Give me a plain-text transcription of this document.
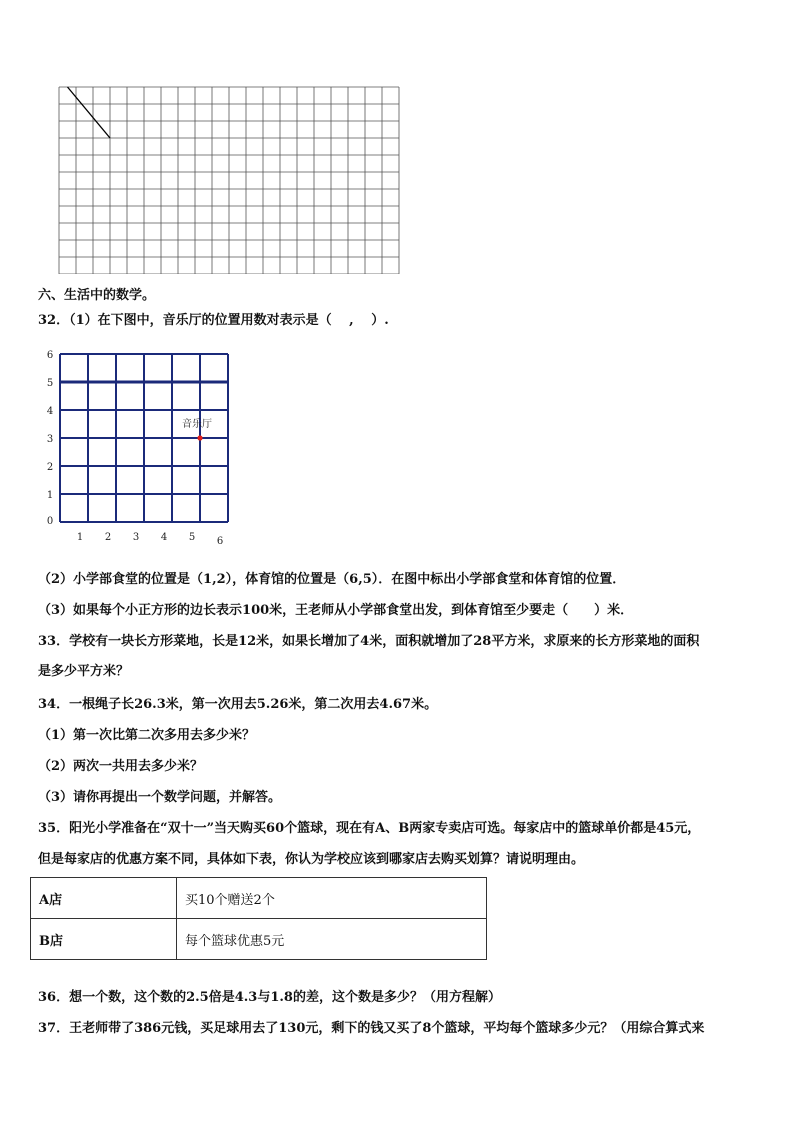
六、生活中的数学。
32．（1）在下图中，音乐厅的位置用数对表示是（ 　,　 ）.
1 2 3 4 5 6
0
1
2
3
4
5
6
音乐厅
（2）小学部食堂的位置是（1,2），体育馆的位置是（6,5）．在图中标出小学部食堂和体育馆的位置．
（3）如果每个小正方形的边长表示100米，王老师从小学部食堂出发，到体育馆至少要走（　　）米．
33．学校有一块长方形菜地，长是12米，如果长增加了4米，面积就增加了28平方米，求原来的长方形菜地的面积
是多少平方米？
34．一根绳子长26.3米，第一次用去5.26米，第二次用去4.67米。
（1）第一次比第二次多用去多少米？
（2）两次一共用去多少米？
（3）请你再提出一个数学问题，并解答。
35．阳光小学准备在“双十一”当天购买60个篮球，现在有A、B两家专卖店可选。每家店中的篮球单价都是45元，
但是每家店的优惠方案不同，具体如下表，你认为学校应该到哪家店去购买划算？请说明理由。
A店	买10个赠送2个
B店	每个篮球优惠5元
36．想一个数，这个数的2.5倍是4.3与1.8的差，这个数是多少？（用方程解）
37．王老师带了386元钱，买足球用去了130元，剩下的钱又买了8个篮球，平均每个篮球多少元？（用综合算式来
